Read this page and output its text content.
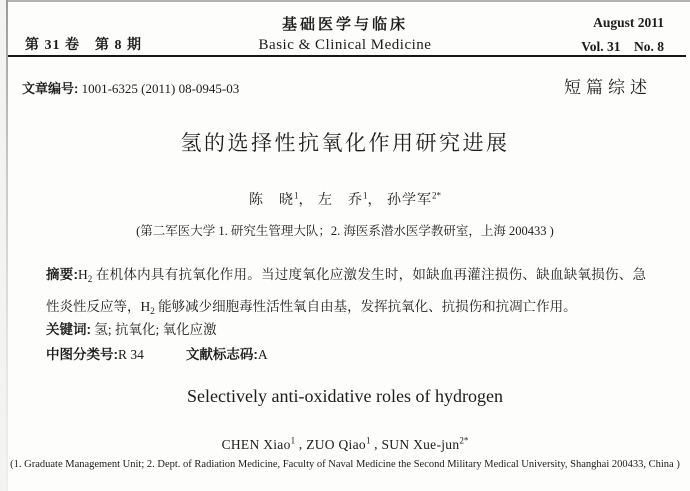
基础医学与临床
Basic & Clinical Medicine
第 31 卷　第 8 期
August 2011
Vol. 31　No. 8
文章编号: 1001-6325 (2011) 08-0945-03	短篇综述
氢的选择性抗氧化作用研究进展
陈　晓$^1$， 左　乔$^1$， 孙学军$^{2*}$
(第二军医大学 1. 研究生管理大队；2. 海医系潜水医学教研室，上海 200433 )
摘要$:H_2$ 在机体内具有抗氧化作用。当过度氧化应激发生时，如缺血再灌注损伤、缺血缺氧损伤、急性炎性反应等，$H_2$ 能够减少细胞毒性活性氧自由基，发挥抗氧化、抗损伤和抗凋亡作用。
关键词: 氢; 抗氧化; 氧化应激
中图分类号:R 34	文献标志码:A
Selectively anti-oxidative roles of hydrogen
CHEN Xiao$^1$ , ZUO Qiao$^1$ , SUN Xue-jun$^{2*}$
(1. Graduate Management Unit; 2. Dept. of Radiation Medicine, Faculty of Naval Medicine the Second Military Medical University, Shanghai 200433, China )
